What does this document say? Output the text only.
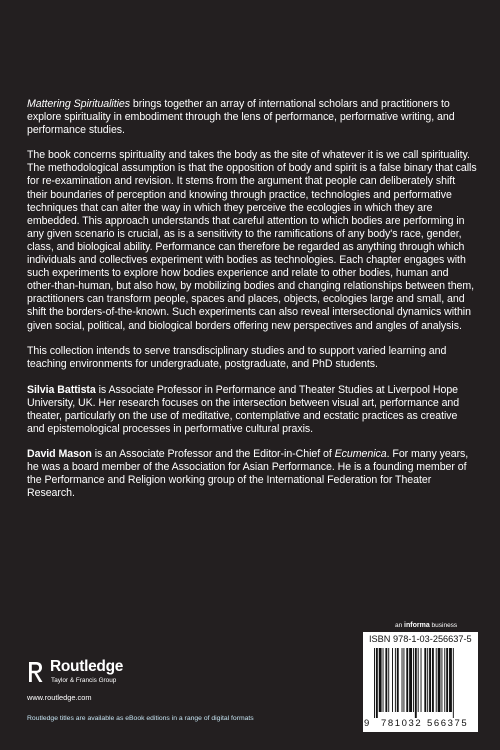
Mattering Spiritualities brings together an array of international scholars and practitioners to explore spirituality in embodiment through the lens of performance, performative writing, and performance studies.

The book concerns spirituality and takes the body as the site of whatever it is we call spirituality. The methodological assumption is that the opposition of body and spirit is a false binary that calls for re-examination and revision. It stems from the argument that people can deliberately shift their boundaries of perception and knowing through practice, technologies and performative techniques that can alter the way in which they perceive the ecologies in which they are embedded. This approach understands that careful attention to which bodies are performing in any given scenario is crucial, as is a sensitivity to the ramifications of any body's race, gender, class, and biological ability. Performance can therefore be regarded as anything through which individuals and collectives experiment with bodies as technologies. Each chapter engages with such experiments to explore how bodies experience and relate to other bodies, human and other-than-human, but also how, by mobilizing bodies and changing relationships between them, practitioners can transform people, spaces and places, objects, ecologies large and small, and shift the borders-of-the-known. Such experiments can also reveal intersectional dynamics within given social, political, and biological borders offering new perspectives and angles of analysis.

This collection intends to serve transdisciplinary studies and to support varied learning and teaching environments for undergraduate, postgraduate, and PhD students.

Silvia Battista is Associate Professor in Performance and Theater Studies at Liverpool Hope University, UK. Her research focuses on the intersection between visual art, performance and theater, particularly on the use of meditative, contemplative and ecstatic practices as creative and epistemological processes in performative cultural praxis.

David Mason is an Associate Professor and the Editor-in-Chief of Ecumenica. For many years, he was a board member of the Association for Asian Performance. He is a founding member of the Performance and Religion working group of the International Federation for Theater Research.

an informa business
Routledge
Taylor & Francis Group
www.routledge.com
Routledge titles are available as eBook editions in a range of digital formats
ISBN 978-1-03-256637-5
9 781032 566375
